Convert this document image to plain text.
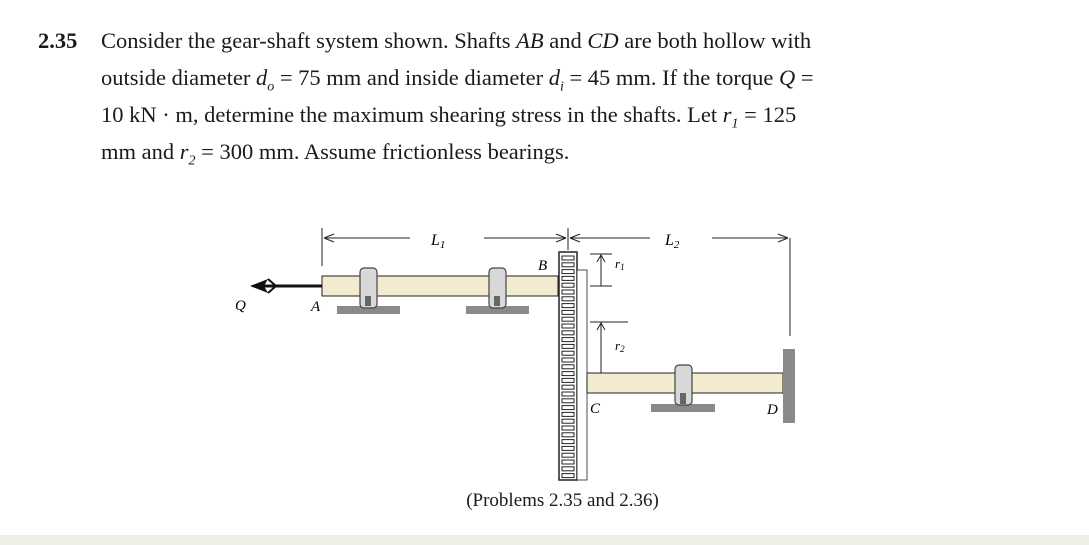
2.35 Consider the gear-shaft system shown. Shafts AB and CD are both hollow with

outside diameter $d_o = 75$ mm and inside diameter $d_i = 45$ mm. If the torque Q =

10 kN · m, determine the maximum shearing stress in the shafts. Let $r_1 = 125$

mm and $r_2 = 300$ mm. Assume frictionless bearings.

L1	L2
Q	A
B	r1
r2
C	D
(Problems 2.35 and 2.36)
